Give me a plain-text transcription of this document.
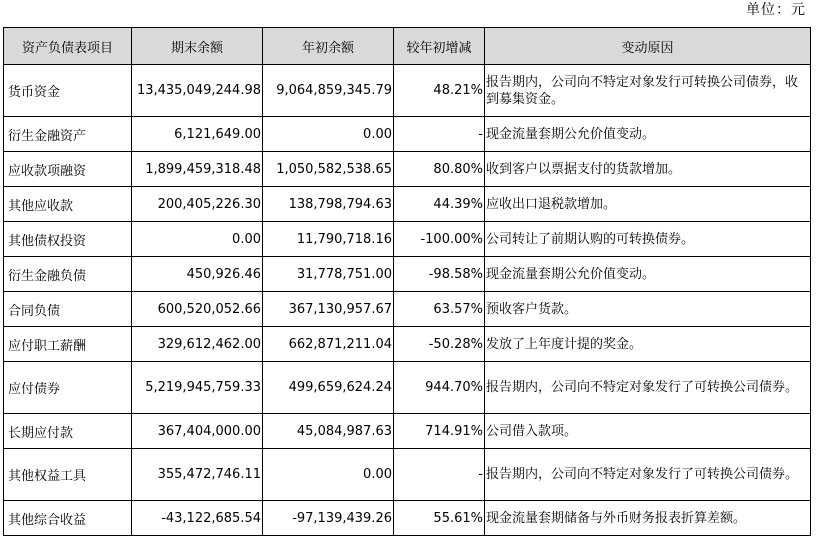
单位：元
资产负债表项目	期末余额	年初余额	较年初增减	变动原因
货币资金	13,435,049,244.98	9,064,859,345.79	48.21%	报告期内，公司向不特定对象发行可转换公司债券，收到募集资金。
衍生金融资产	6,121,649.00	0.00	-	现金流量套期公允价值变动。
应收款项融资	1,899,459,318.48	1,050,582,538.65	80.80%	收到客户以票据支付的货款增加。
其他应收款	200,405,226.30	138,798,794.63	44.39%	应收出口退税款增加。
其他债权投资	0.00	11,790,718.16	-100.00%	公司转让了前期认购的可转换债券。
衍生金融负债	450,926.46	31,778,751.00	-98.58%	现金流量套期公允价值变动。
合同负债	600,520,052.66	367,130,957.67	63.57%	预收客户货款。
应付职工薪酬	329,612,462.00	662,871,211.04	-50.28%	发放了上年度计提的奖金。
应付债券	5,219,945,759.33	499,659,624.24	944.70%	报告期内，公司向不特定对象发行了可转换公司债券。
长期应付款	367,404,000.00	45,084,987.63	714.91%	公司借入款项。
其他权益工具	355,472,746.11	0.00	-	报告期内，公司向不特定对象发行了可转换公司债券。
其他综合收益	-43,122,685.54	-97,139,439.26	55.61%	现金流量套期储备与外币财务报表折算差额。
